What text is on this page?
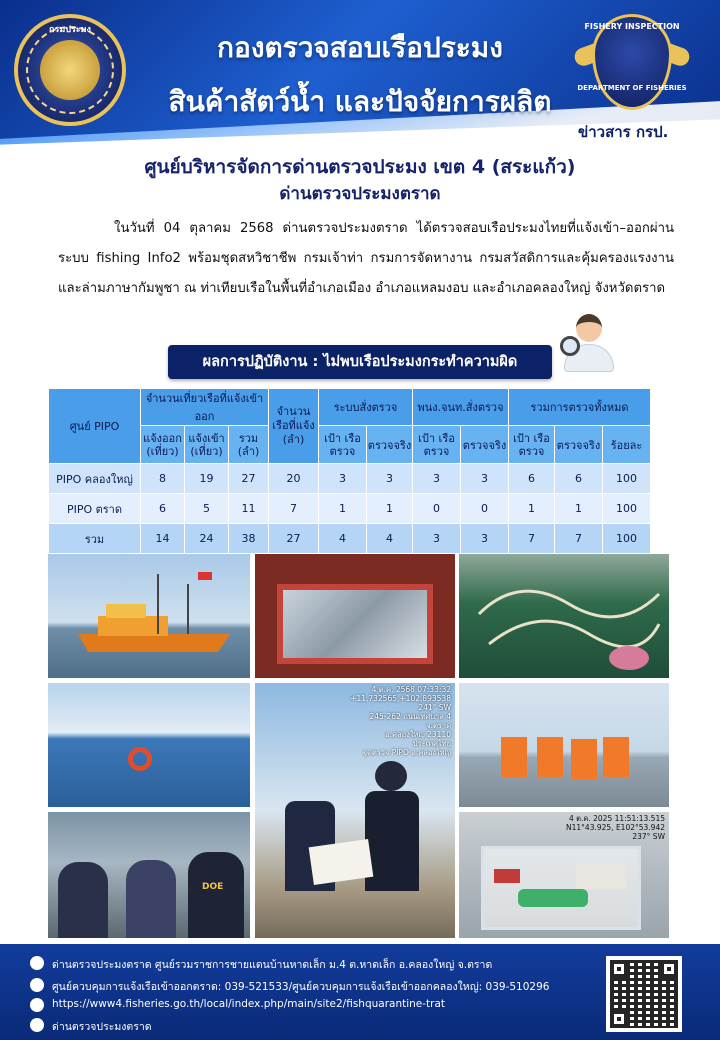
กองตรวจสอบเรือประมง
สินค้าสัตว์น้ำ และปัจจัยการผลิต
กรมประมง	FISHERY INSPECTION
DEPARTMENT OF FISHERIES
ข่าวสาร กรป.
ศูนย์บริหารจัดการด่านตรวจประมง เขต 4 (สระแก้ว)
ด่านตรวจประมงตราด
ในวันที่ 04 ตุลาคม 2568 ด่านตรวจประมงตราด ได้ตรวจสอบเรือประมงไทยที่แจ้งเข้า–ออกผ่านระบบ fishing Info2 พร้อมชุดสหวิชาชีพ กรมเจ้าท่า กรมการจัดหางาน กรมสวัสดิการและคุ้มครองแรงงาน และล่ามภาษากัมพูชา ณ ท่าเทียบเรือในพื้นที่อำเภอเมือง อำเภอแหลมงอบ และอำเภอคลองใหญ่ จังหวัดตราด
ผลการปฏิบัติงาน : ไม่พบเรือประมงกระทำความผิด
ศูนย์ PIPO	จำนวนเที่ยวเรือที่แจ้งเข้าออก			จำนวนเรือที่แจ้ง (ลำ)	ระบบสั่งตรวจ		พนง.จนท.สั่งตรวจ		รวมการตรวจทั้งหมด		
	แจ้งออก (เที่ยว)	แจ้งเข้า (เที่ยว)	รวม (ลำ)		เป้า เรือตรวจ	ตรวจจริง	เป้า เรือตรวจ	ตรวจจริง	เป้า เรือตรวจ	ตรวจจริง	ร้อยละ
PIPO คลองใหญ่	8	19	27	20	3	3	3	3	6	6	100
PIPO ตราด	6	5	11	7	1	1	0	0	1	1	100
รวม	14	24	38	27	4	4	3	3	7	7	100
4 ต.ค. 2568 07:33:32
+11.732565,+102.893538
241° SW
245-262 ถนนเทศบาล 4
จ.ตราด
อ.คลองใหญ่ 23110
ประเทศไทย
จุดตรวจ PIPO อ.คลองใหญ่
DOE
4 ต.ค. 2025 11:51:13.515
N11°43.925, E102°53.942
237° SW
ด่านตรวจประมงตราด ศูนย์รวมราชการชายแดนบ้านหาดเล็ก ม.4 ต.หาดเล็ก อ.คลองใหญ่ จ.ตราด
ศูนย์ควบคุมการแจ้งเรือเข้าออกตราด: 039-521533/ศูนย์ควบคุมการแจ้งเรือเข้าออกคลองใหญ่: 039-510296
https://www4.fisheries.go.th/local/index.php/main/site2/fishquarantine-trat
ด่านตรวจประมงตราด
